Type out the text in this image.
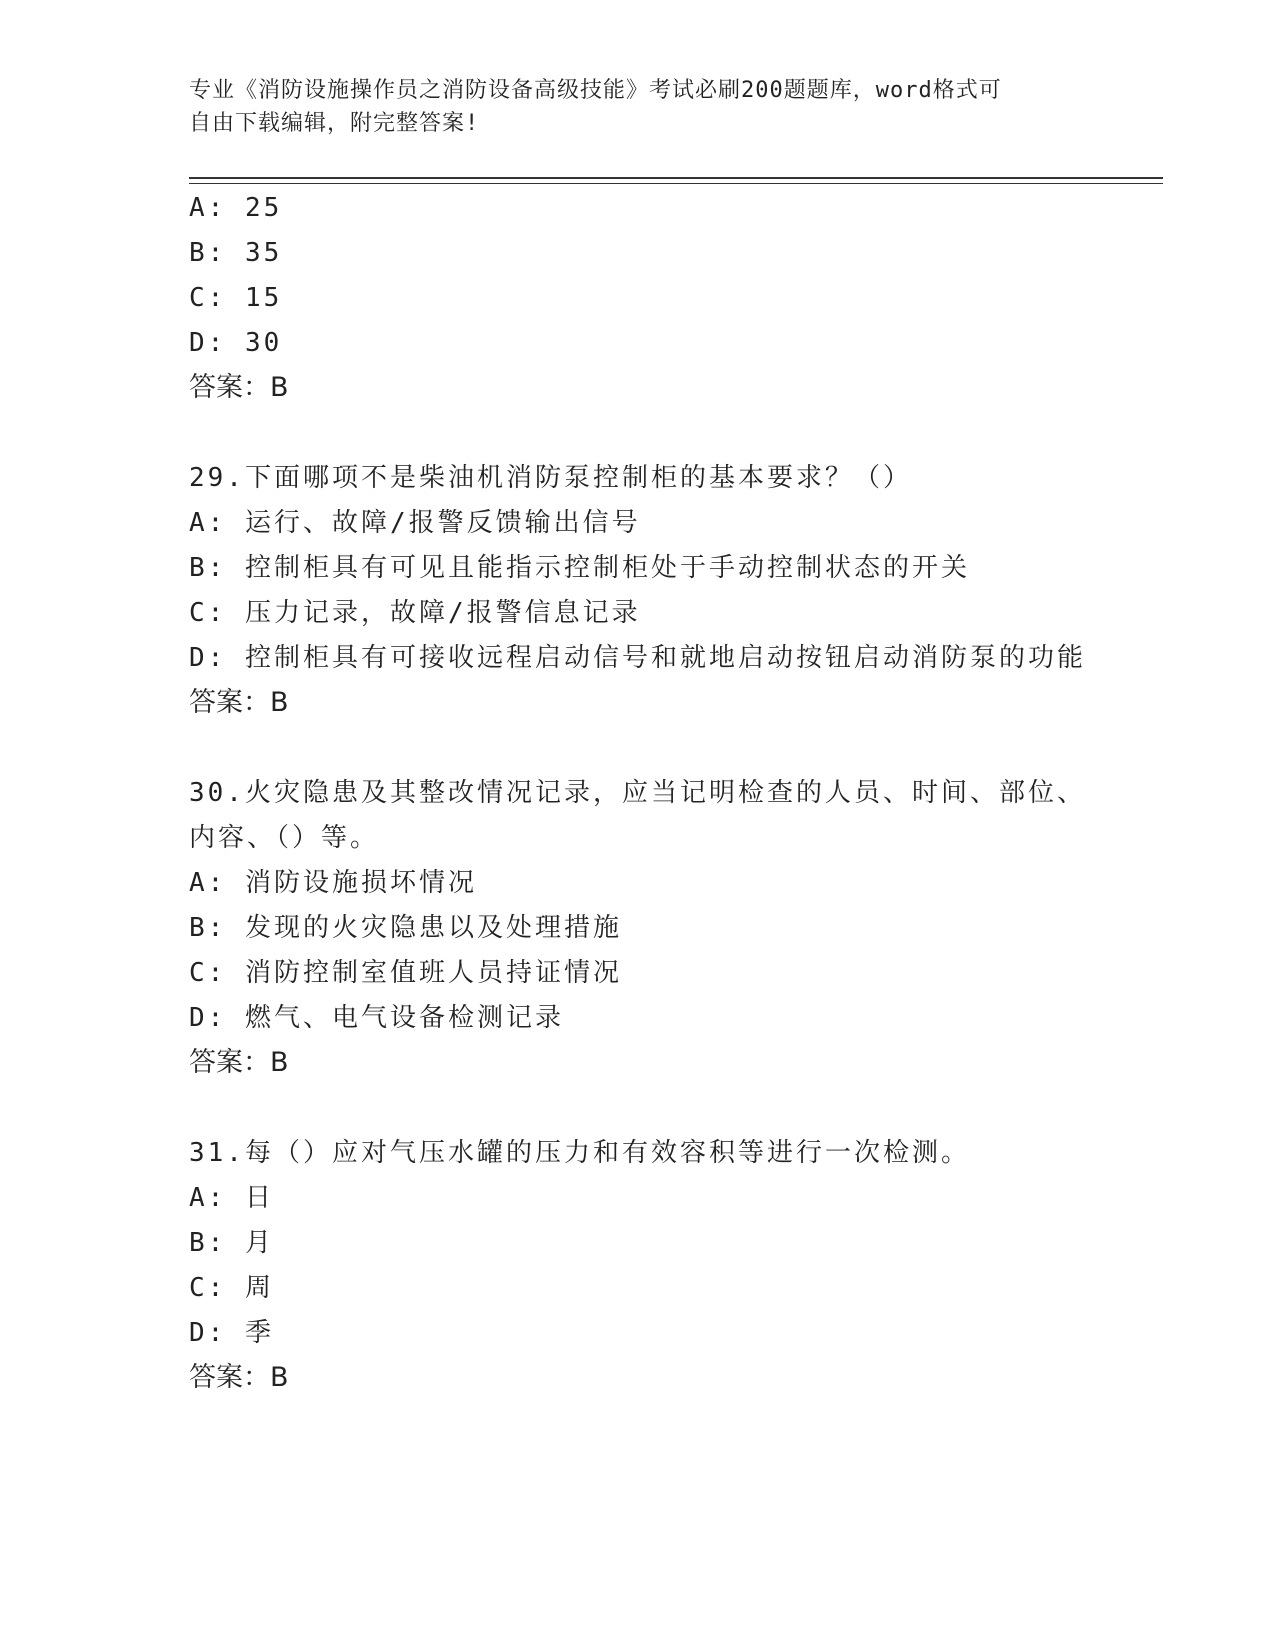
专业《消防设施操作员之消防设备高级技能》考试必刷200题题库，word格式可
自由下载编辑，附完整答案!
A: 25
B: 35
C: 15
D: 30
答案：B
29.下面哪项不是柴油机消防泵控制柜的基本要求？（）
A: 运行、故障/报警反馈输出信号
B: 控制柜具有可见且能指示控制柜处于手动控制状态的开关
C: 压力记录，故障/报警信息记录
D: 控制柜具有可接收远程启动信号和就地启动按钮启动消防泵的功能
答案：B
30.火灾隐患及其整改情况记录，应当记明检查的人员、时间、部位、
内容、（）等。
A: 消防设施损坏情况
B: 发现的火灾隐患以及处理措施
C: 消防控制室值班人员持证情况
D: 燃气、电气设备检测记录
答案：B
31.每（）应对气压水罐的压力和有效容积等进行一次检测。
A: 日
B: 月
C: 周
D: 季
答案：B
